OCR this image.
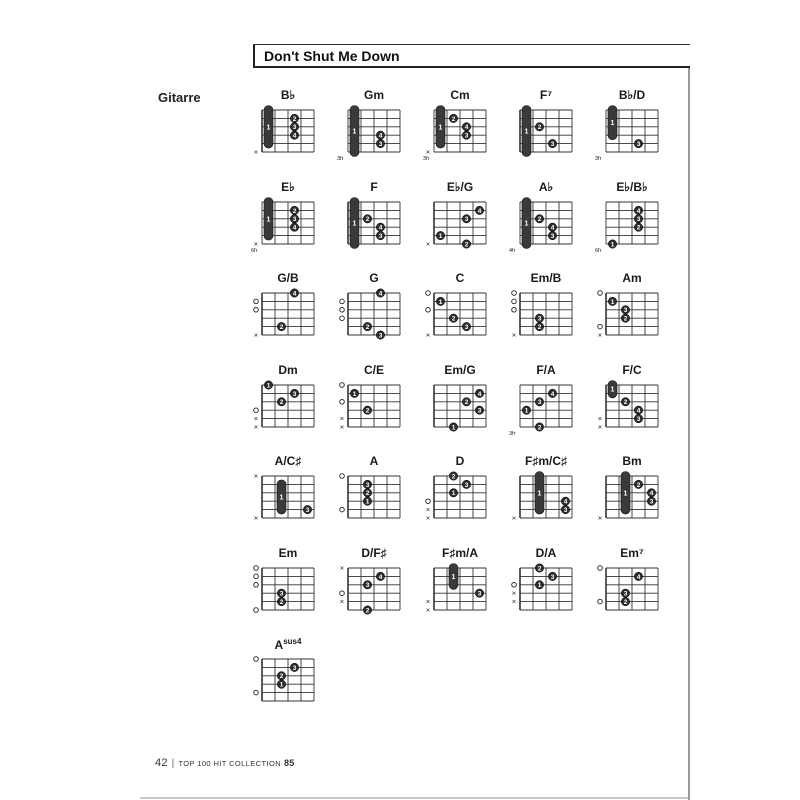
Don't Shut Me Down
Gitarre	B♭
×
1
4
3
2
Gm
1
4
3
3fr
Cm
×
1
2
4
3
3fr
F⁷
1
2
3
B♭/D
1
3
3fr
E♭
×
1
4
3
2
6fr
F
1
2
4
3
E♭/G
×
4
3
1
2
A♭
1
2
4
3
4fr
E♭/B♭
4
3
2
1
6fr
G/B
×
4
2
G
4
2
3
C
×
1
2
3
Em/B
×
3
2
Am
×
1
3
2
Dm
×
×
1
3
2
C/E
×
×
1
2
Em/G
4
2
3
1
F/A
4
3
1
2
3fr
F/C
×
×
1
2
4
3
A/C♯
×
×
1
3
A
3
2
1
D
×
×
2
3
1
F♯m/C♯
×
1
4
3
Bm
×
1
2
4
3
Em
3
2
D/F♯
×
×
4
3
2
F♯m/A
×
×
1
3
D/A
×
×
2
3
1
Em⁷
4
3
2
$A^{sus4}$
3
2
1
42 | TOP 100 HIT COLLECTION 85
